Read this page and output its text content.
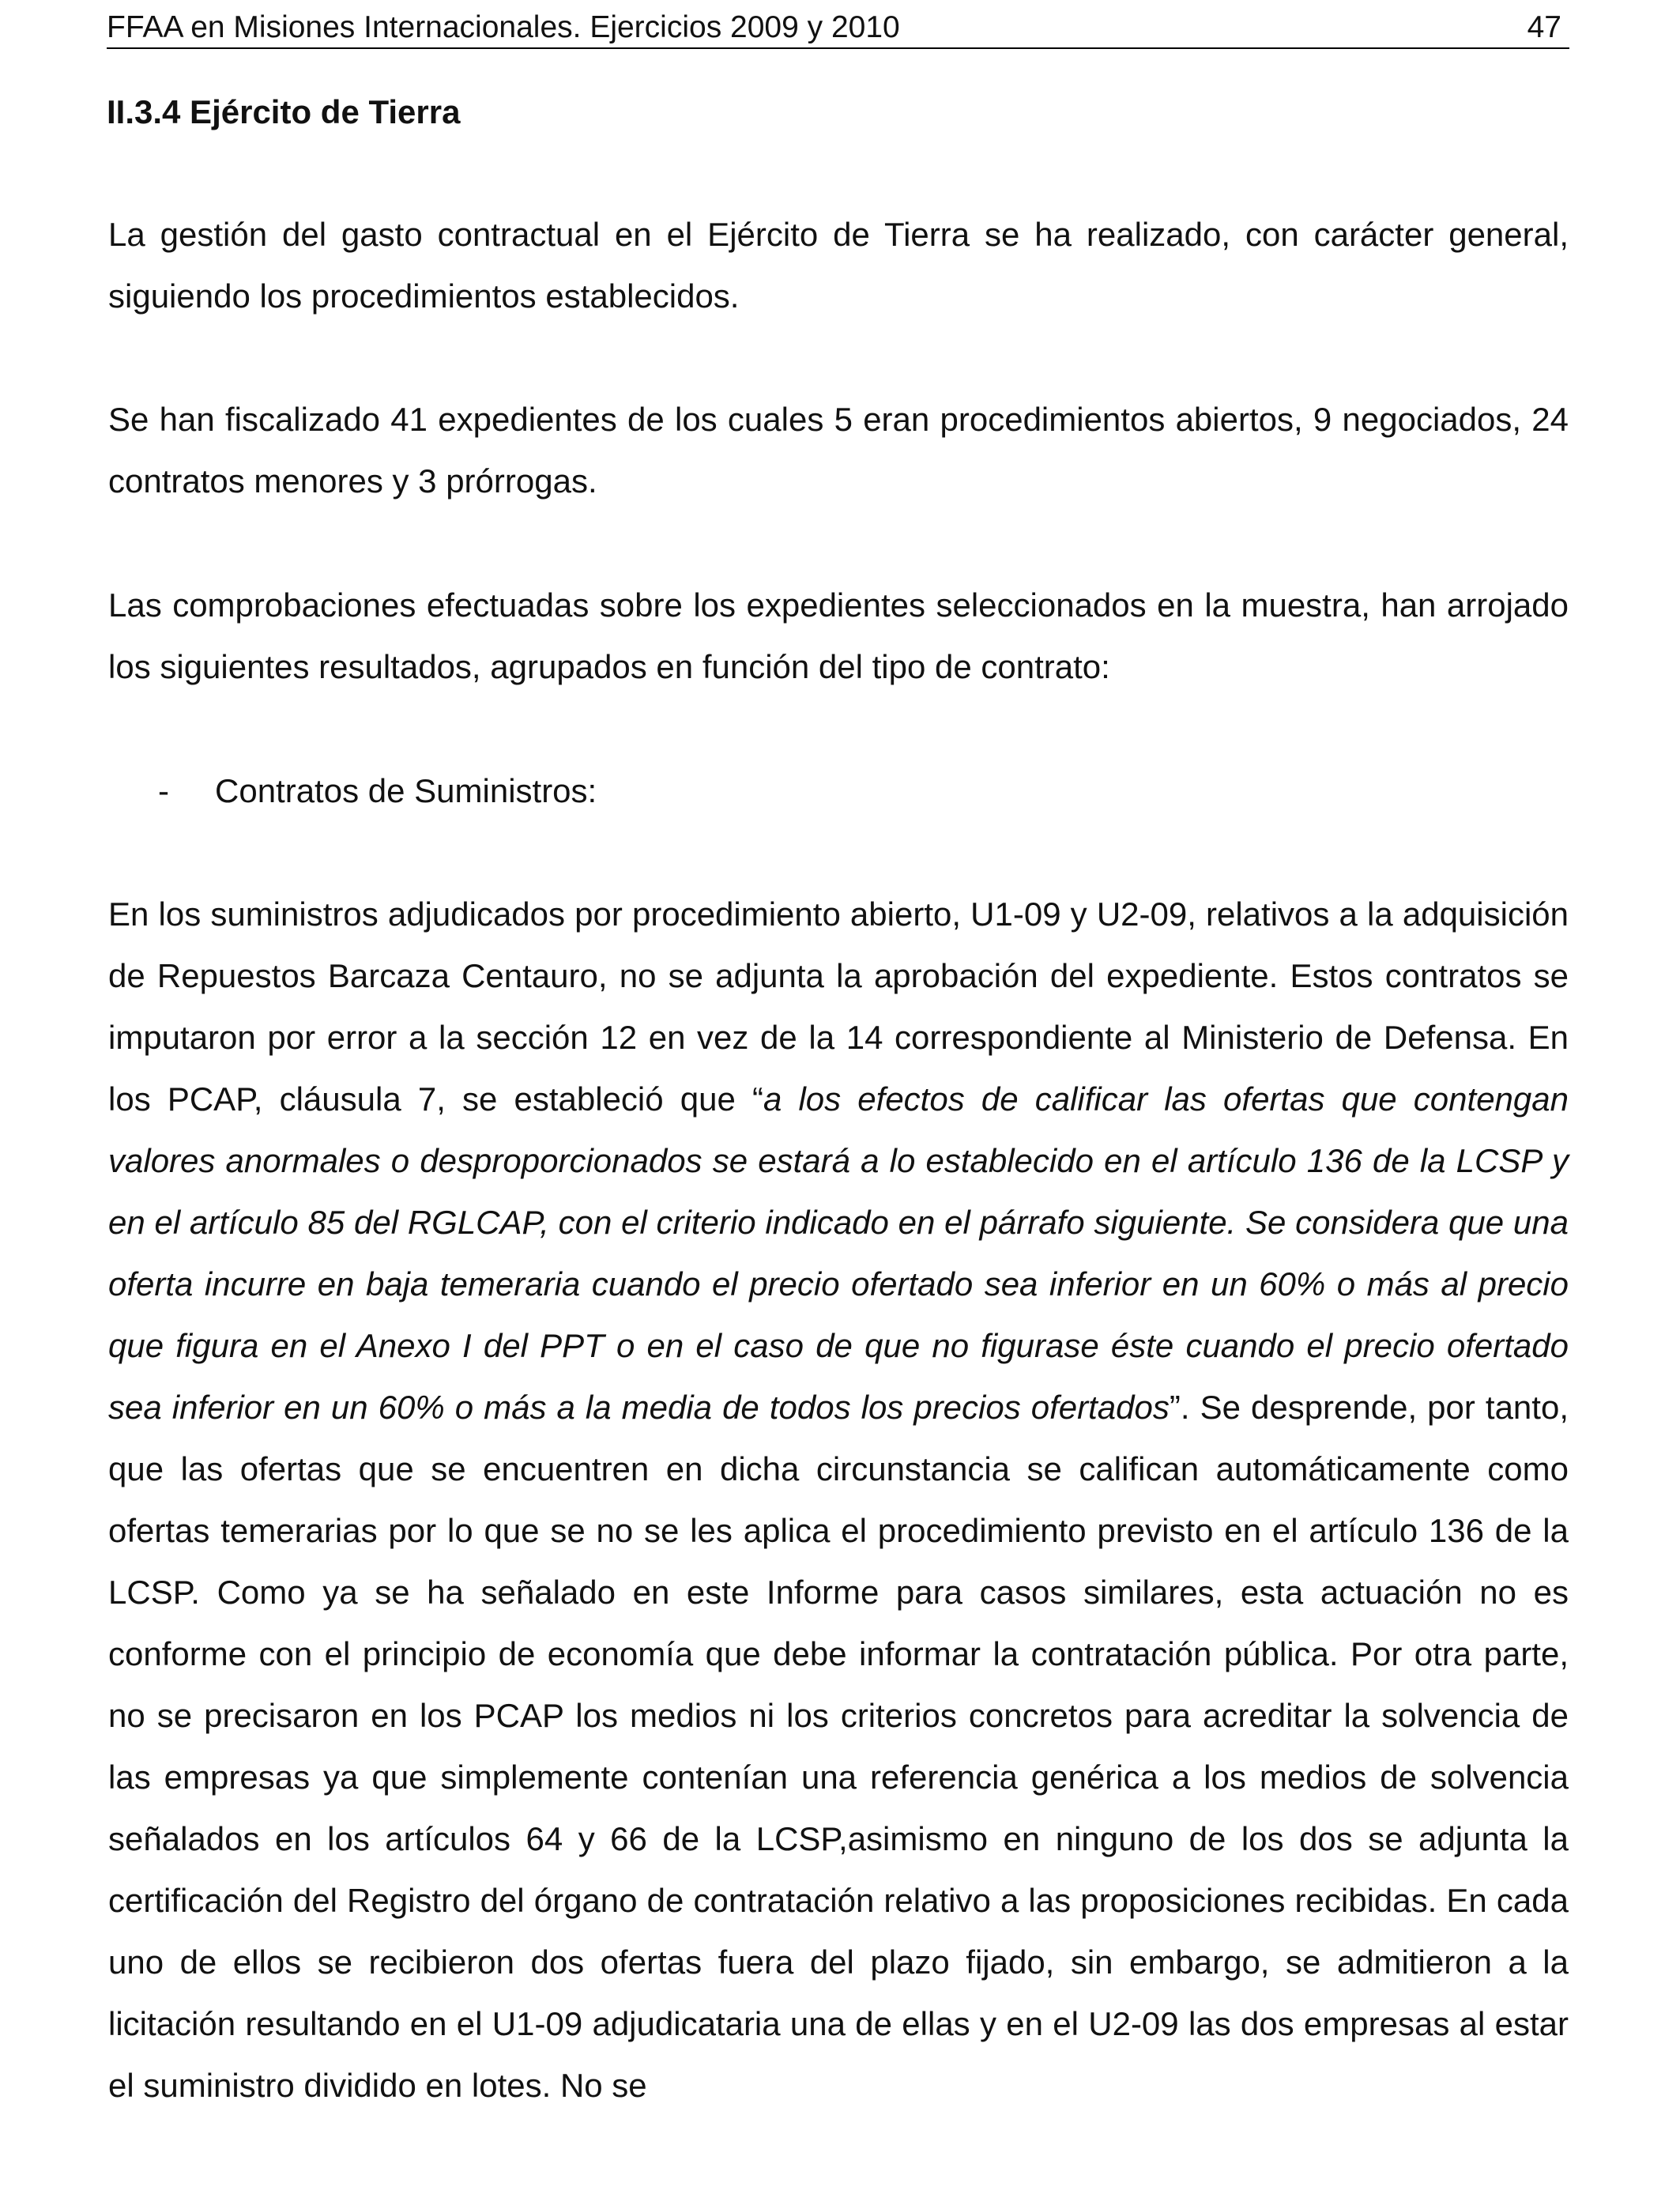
FFAA en Misiones Internacionales. Ejercicios 2009 y 2010	47
II.3.4 Ejército de Tierra

La gestión del gasto contractual en el Ejército de Tierra se ha realizado, con carácter general, siguiendo los procedimientos establecidos.

Se han fiscalizado 41 expedientes de los cuales 5 eran procedimientos abiertos, 9 negociados, 24 contratos menores y 3 prórrogas.

Las comprobaciones efectuadas sobre los expedientes seleccionados en la muestra, han arrojado los siguientes resultados, agrupados en función del tipo de contrato:

- Contratos de Suministros:

En los suministros adjudicados por procedimiento abierto, U1-09 y U2-09, relativos a la adquisición de Repuestos Barcaza Centauro, no se adjunta la aprobación del expediente. Estos contratos se imputaron por error a la sección 12 en vez de la 14 correspondiente al Ministerio de Defensa. En los PCAP, cláusula 7, se estableció que “a los efectos de calificar las ofertas que contengan valores anormales o desproporcionados se estará a lo establecido en el artículo 136 de la LCSP y en el artículo 85 del RGLCAP, con el criterio indicado en el párrafo siguiente. Se considera que una oferta incurre en baja temeraria cuando el precio ofertado sea inferior en un 60% o más al precio que figura en el Anexo I del PPT o en el caso de que no figurase éste cuando el precio ofertado sea inferior en un 60% o más a la media de todos los precios ofertados”. Se desprende, por tanto, que las ofertas que se encuentren en dicha circunstancia se califican automáticamente como ofertas temerarias por lo que se no se les aplica el procedimiento previsto en el artículo 136 de la LCSP. Como ya se ha señalado en este Informe para casos similares, esta actuación no es conforme con el principio de economía que debe informar la contratación pública. Por otra parte, no se precisaron en los PCAP los medios ni los criterios concretos para acreditar la solvencia de las empresas ya que simplemente contenían una referencia genérica a los medios de solvencia señalados en los artículos 64 y 66 de la LCSP,asimismo en ninguno de los dos se adjunta la certificación del Registro del órgano de contratación relativo a las proposiciones recibidas. En cada uno de ellos se recibieron dos ofertas fuera del plazo fijado, sin embargo, se admitieron a la licitación resultando en el U1-09 adjudicataria una de ellas y en el U2-09 las dos empresas al estar el suministro dividido en lotes. No se
